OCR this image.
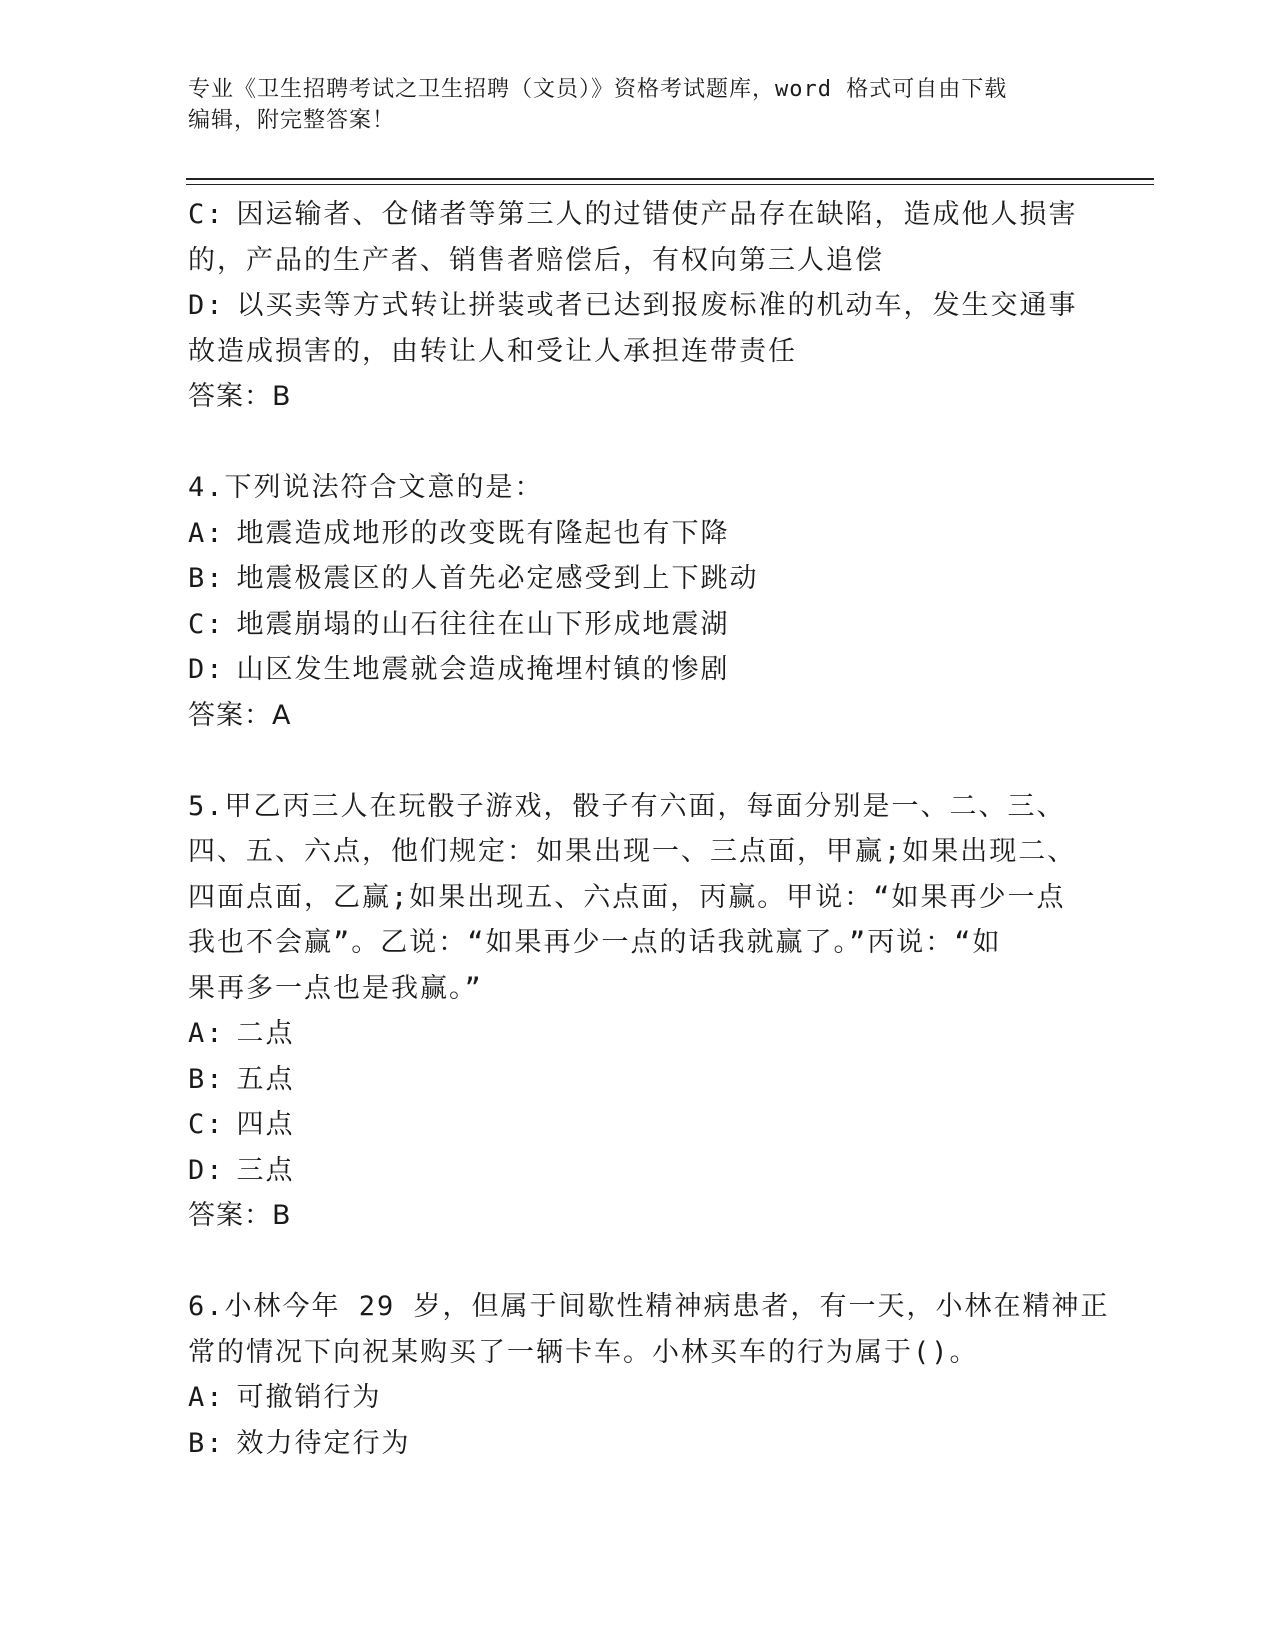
专业《卫生招聘考试之卫生招聘（文员）》资格考试题库，word 格式可自由下载
编辑，附完整答案！
C: 因运输者、仓储者等第三人的过错使产品存在缺陷，造成他人损害
的，产品的生产者、销售者赔偿后，有权向第三人追偿
D: 以买卖等方式转让拼装或者已达到报废标准的机动车，发生交通事
故造成损害的，由转让人和受让人承担连带责任
答案：B
4.下列说法符合文意的是：
A: 地震造成地形的改变既有隆起也有下降
B: 地震极震区的人首先必定感受到上下跳动
C: 地震崩塌的山石往往在山下形成地震湖
D: 山区发生地震就会造成掩埋村镇的惨剧
答案：A
5.甲乙丙三人在玩骰子游戏，骰子有六面，每面分别是一、二、三、
四、五、六点，他们规定：如果出现一、三点面，甲赢;如果出现二、
四面点面，乙赢;如果出现五、六点面，丙赢。甲说：“如果再少一点
我也不会赢”。乙说：“如果再少一点的话我就赢了。”丙说：“如
果再多一点也是我赢。”
A: 二点
B: 五点
C: 四点
D: 三点
答案：B
6.小林今年 29 岁，但属于间歇性精神病患者，有一天，小林在精神正
常的情况下向祝某购买了一辆卡车。小林买车的行为属于()。
A: 可撤销行为
B: 效力待定行为
